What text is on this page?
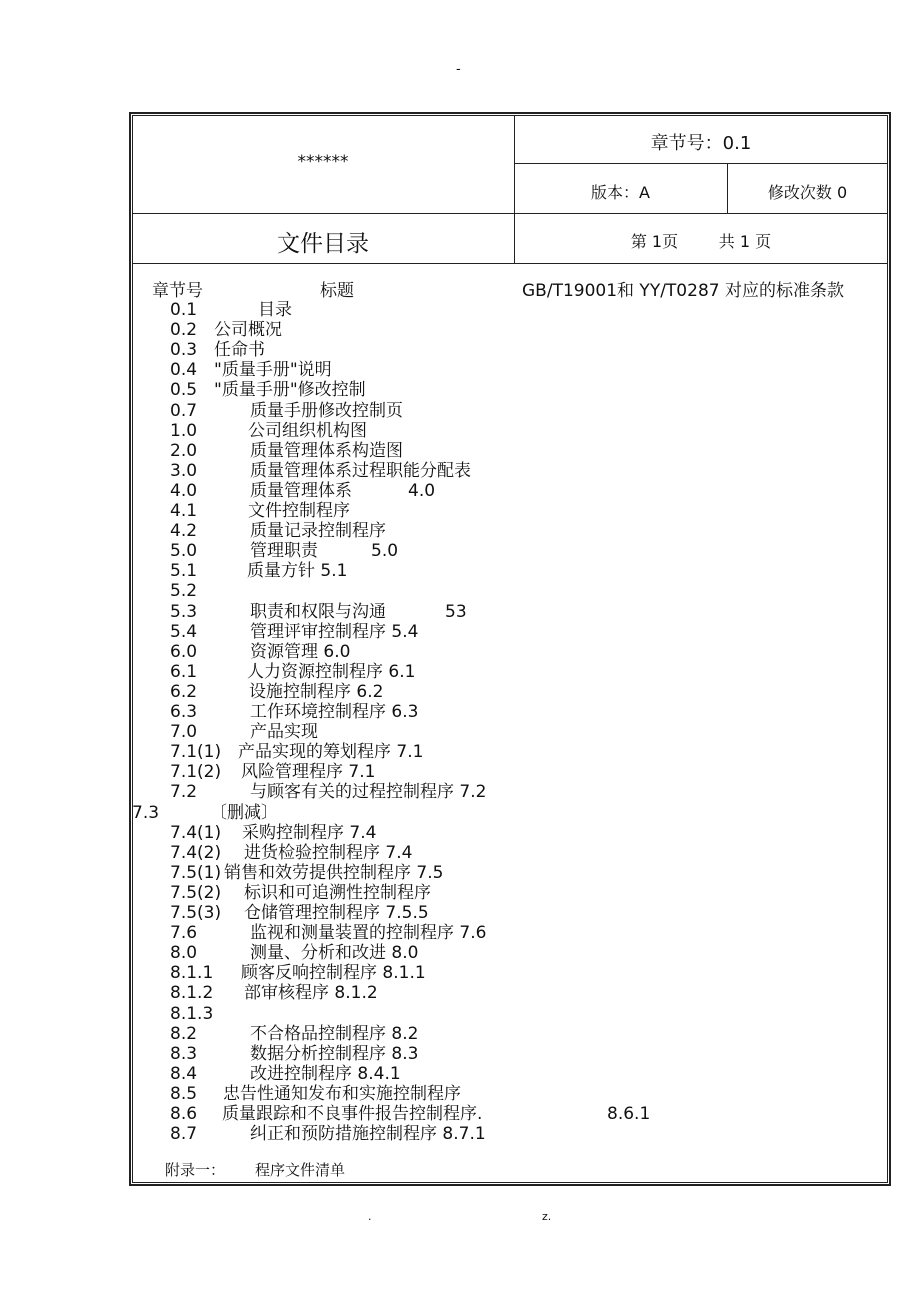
-
******
章节号：0.1
版本：A	修改次数 0
文件目录	第 1页        共 1 页
章节号	标题	GB/T19001和 YY/T0287 对应的标准条款
0.1	目录
0.2 公司概况
0.3 任命书
0.4 "质量手册"说明
0.5 "质量手册"修改控制
0.7	质量手册修改控制页
1.0	公司组织机构图
2.0	质量管理体系构造图
3.0	质量管理体系过程职能分配表
4.0	质量管理体系	4.0
4.1	文件控制程序
4.2	质量记录控制程序
5.0	管理职责	5.0
5.1	质量方针 5.1
5.2
5.3	职责和权限与沟通	53
5.4	管理评审控制程序 5.4
6.0	资源管理 6.0
6.1	人力资源控制程序 6.1
6.2	设施控制程序 6.2
6.3	工作环境控制程序 6.3
7.0	产品实现
7.1(1) 产品实现的筹划程序 7.1
7.1(2) 风险管理程序 7.1
7.2	与顾客有关的过程控制程序 7.2
7.3	〔删减〕
7.4(1) 采购控制程序 7.4
7.4(2) 进货检验控制程序 7.4
7.5(1) 销售和效劳提供控制程序 7.5
7.5(2) 标识和可追溯性控制程序
7.5(3) 仓储管理控制程序 7.5.5
7.6	监视和测量装置的控制程序 7.6
8.0	测量、分析和改进 8.0
8.1.1 顾客反响控制程序 8.1.1
8.1.2 部审核程序 8.1.2
8.1.3
8.2	不合格品控制程序 8.2
8.3	数据分析控制程序 8.3
8.4	改进控制程序 8.4.1
8.5 忠告性通知发布和实施控制程序
8.6 质量跟踪和不良事件报告控制程序.	8.6.1
8.7	纠正和预防措施控制程序 8.7.1
附录一： 程序文件清单
.	z.
